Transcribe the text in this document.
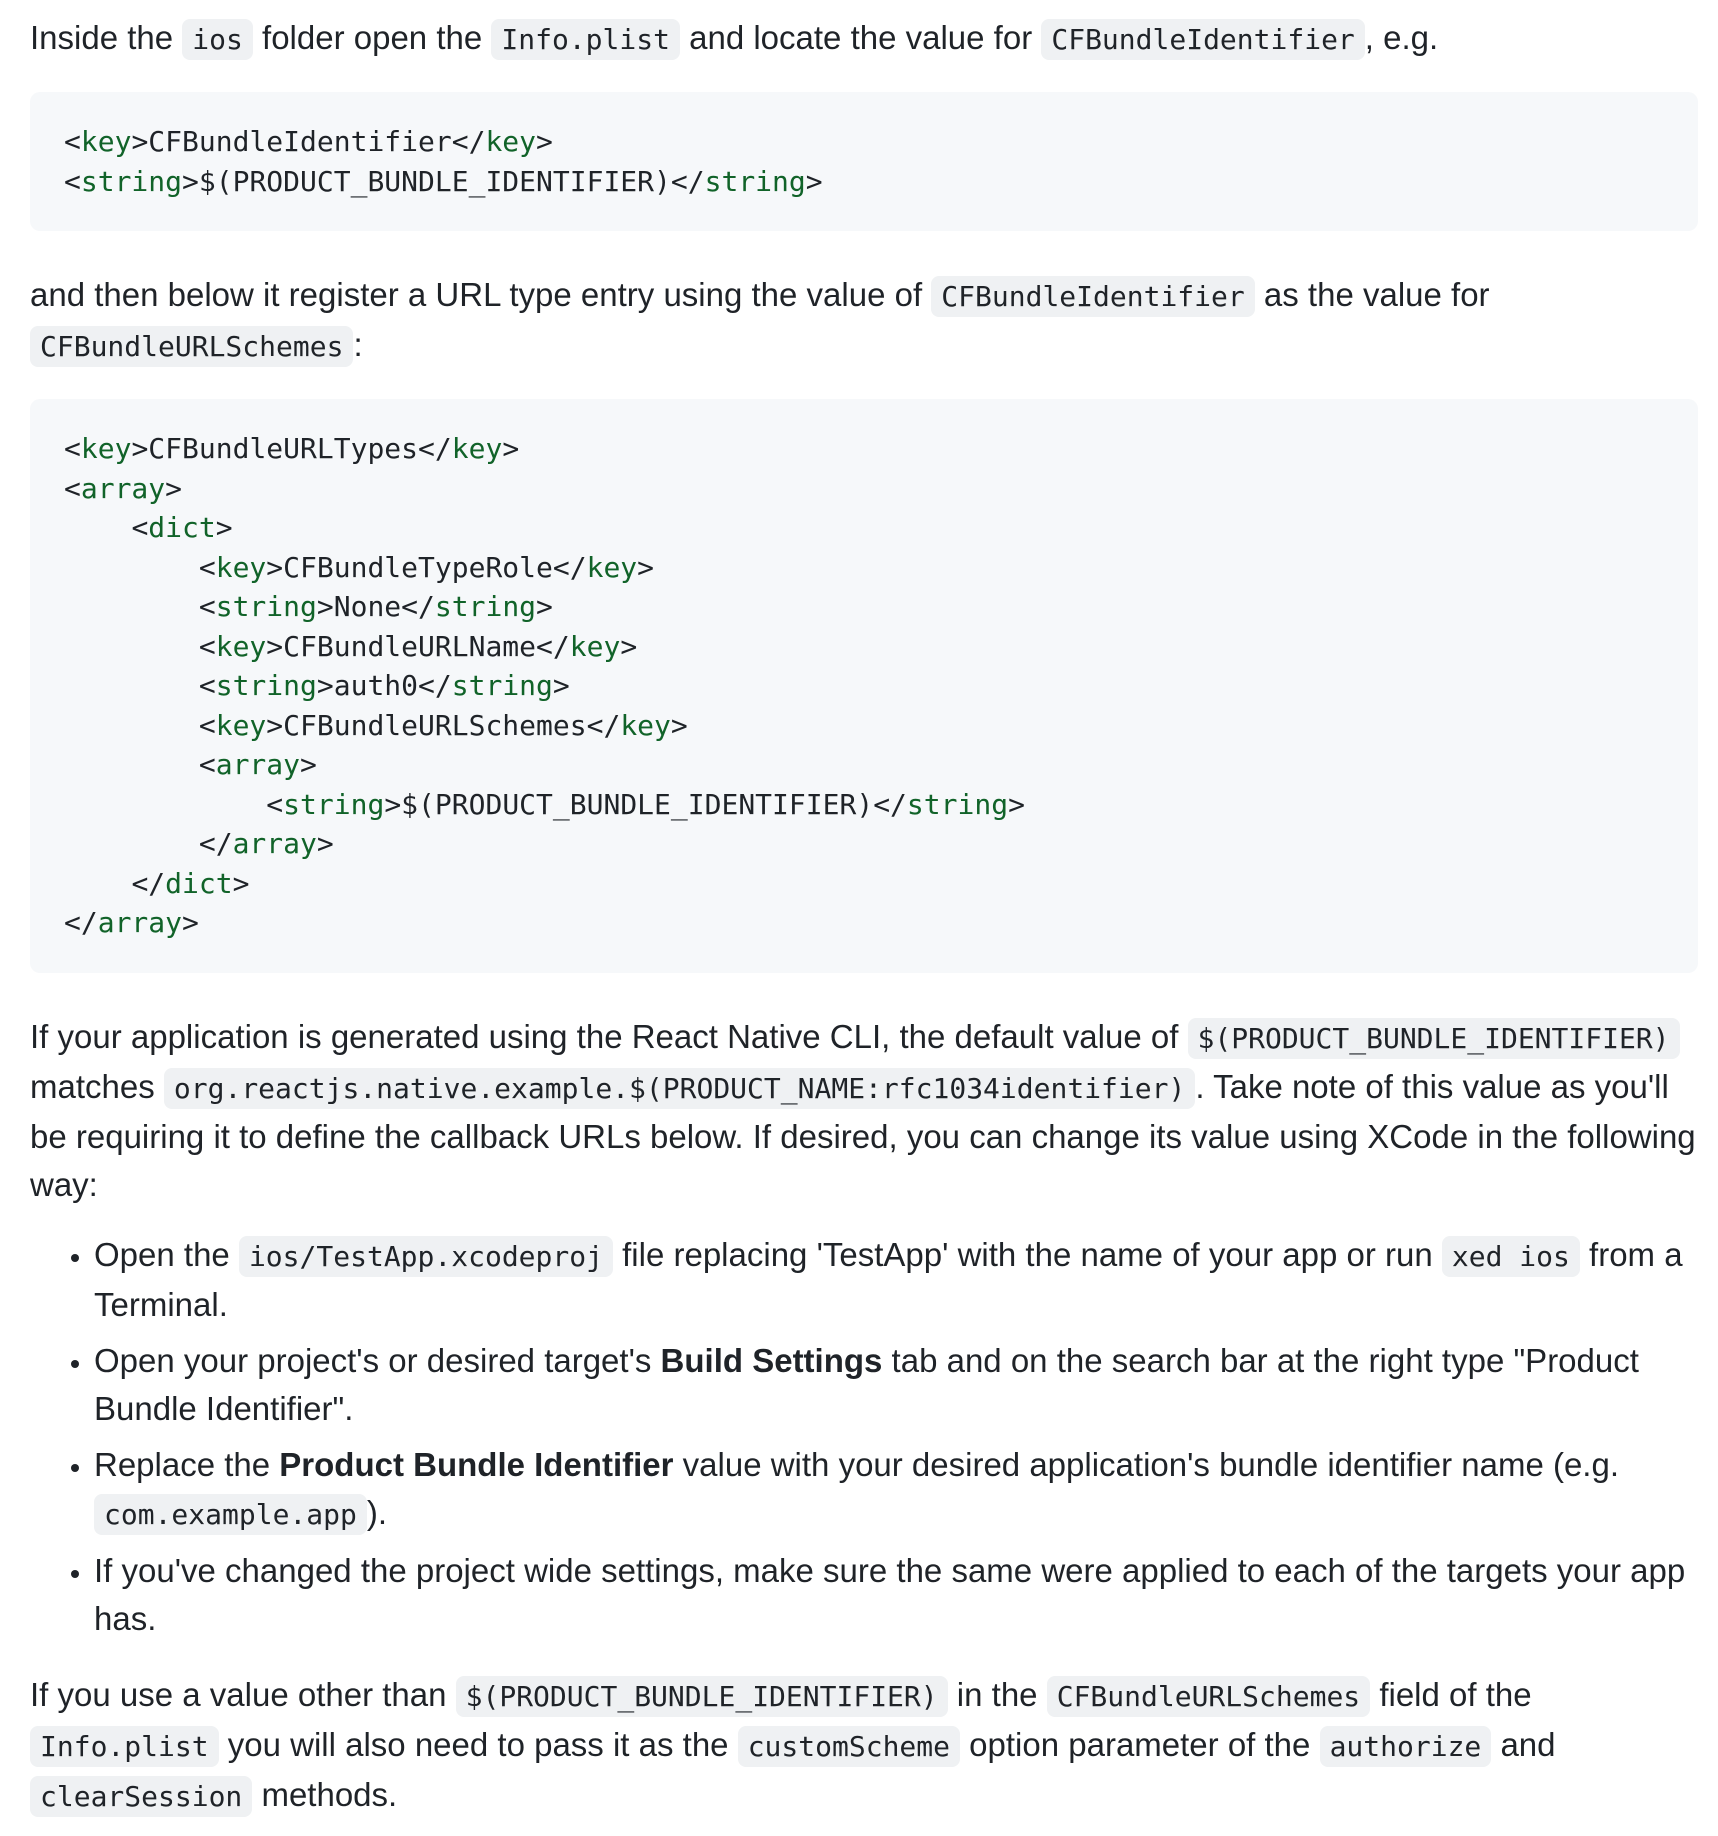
Inside the ios folder open the Info.plist and locate the value for CFBundleIdentifier , e.g.

<key>CFBundleIdentifier</key>
<string>$(PRODUCT_BUNDLE_IDENTIFIER)</string>

and then below it register a URL type entry using the value of CFBundleIdentifier as the value for CFBundleURLSchemes :

<key>CFBundleURLTypes</key>
<array>
<dict>
<key>CFBundleTypeRole</key>
<string>None</string>
<key>CFBundleURLName</key>
<string>auth0</string>
<key>CFBundleURLSchemes</key>
<array>
<string>$(PRODUCT_BUNDLE_IDENTIFIER)</string>
</array>
</dict>
</array>

If your application is generated using the React Native CLI, the default value of $(PRODUCT_BUNDLE_IDENTIFIER) matches org.reactjs.native.example.$(PRODUCT_NAME:rfc1034identifier) . Take note of this value as you'll be requiring it to define the callback URLs below. If desired, you can change its value using XCode in the following way:

• Open the ios/TestApp.xcodeproj file replacing 'TestApp' with the name of your app or run xed ios from a Terminal.
• Open your project's or desired target's Build Settings tab and on the search bar at the right type "Product Bundle Identifier".
• Replace the Product Bundle Identifier value with your desired application's bundle identifier name (e.g. com.example.app ).
• If you've changed the project wide settings, make sure the same were applied to each of the targets your app has.

If you use a value other than $(PRODUCT_BUNDLE_IDENTIFIER) in the CFBundleURLSchemes field of the Info.plist you will also need to pass it as the customScheme option parameter of the authorize and clearSession methods.
